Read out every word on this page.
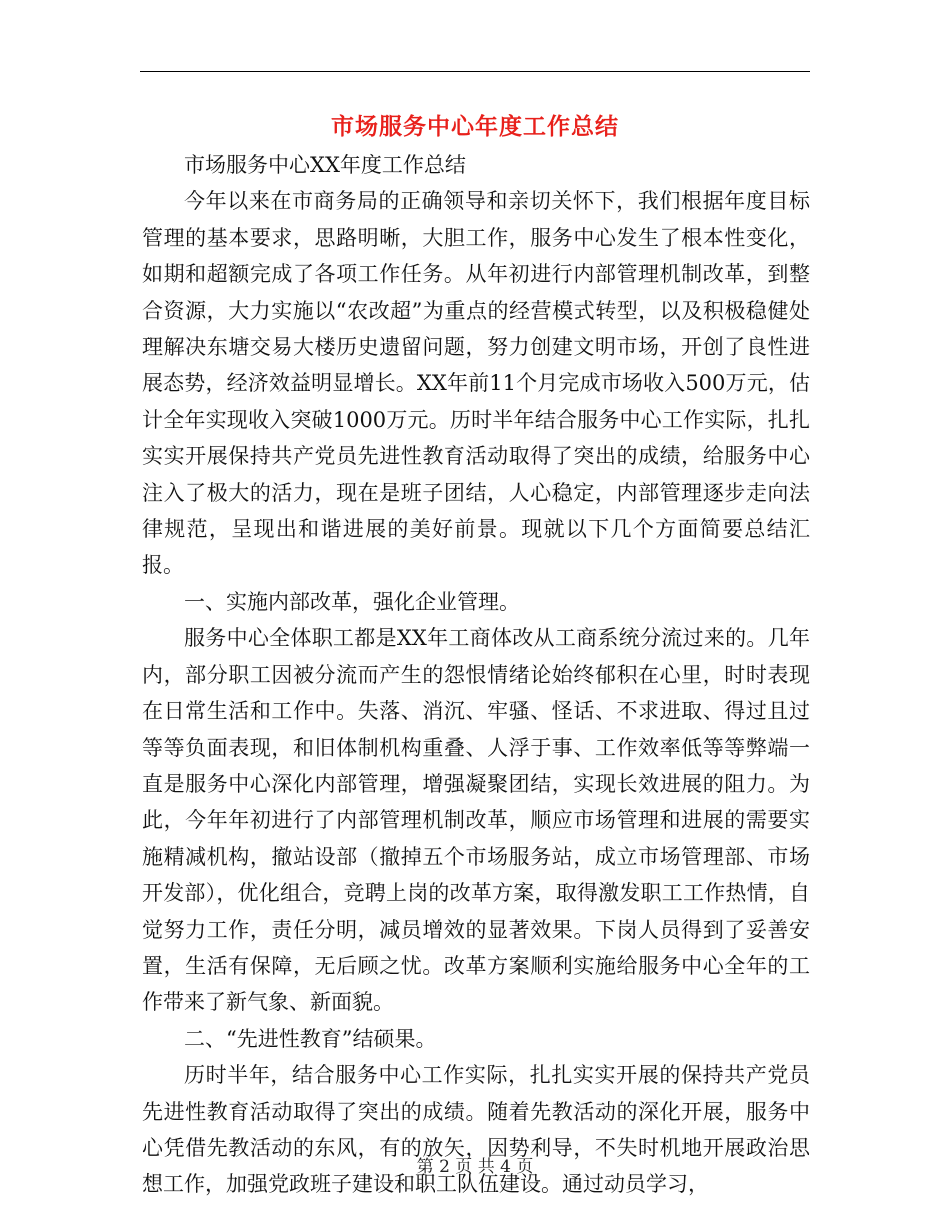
市场服务中心年度工作总结

市场服务中心XX年度工作总结

今年以来在市商务局的正确领导和亲切关怀下，我们根据年度目标管理的基本要求，思路明晰，大胆工作，服务中心发生了根本性变化，如期和超额完成了各项工作任务。从年初进行内部管理机制改革，到整合资源，大力实施以“农改超”为重点的经营模式转型，以及积极稳健处理解决东塘交易大楼历史遗留问题，努力创建文明市场，开创了良性进展态势，经济效益明显增长。XX年前11个月完成市场收入500万元，估计全年实现收入突破1000万元。历时半年结合服务中心工作实际，扎扎实实开展保持共产党员先进性教育活动取得了突出的成绩，给服务中心注入了极大的活力，现在是班子团结，人心稳定，内部管理逐步走向法律规范，呈现出和谐进展的美好前景。现就以下几个方面简要总结汇报。

一、实施内部改革，强化企业管理。

服务中心全体职工都是XX年工商体改从工商系统分流过来的。几年内，部分职工因被分流而产生的怨恨情绪论始终郁积在心里，时时表现在日常生活和工作中。失落、消沉、牢骚、怪话、不求进取、得过且过等等负面表现，和旧体制机构重叠、人浮于事、工作效率低等等弊端一直是服务中心深化内部管理，增强凝聚团结，实现长效进展的阻力。为此，今年年初进行了内部管理机制改革，顺应市场管理和进展的需要实施精减机构，撤站设部（撤掉五个市场服务站，成立市场管理部、市场开发部），优化组合，竞聘上岗的改革方案，取得激发职工工作热情，自觉努力工作，责任分明，减员增效的显著效果。下岗人员得到了妥善安置，生活有保障，无后顾之忧。改革方案顺利实施给服务中心全年的工作带来了新气象、新面貌。

二、“先进性教育”结硕果。

历时半年，结合服务中心工作实际，扎扎实实开展的保持共产党员先进性教育活动取得了突出的成绩。随着先教活动的深化开展，服务中心凭借先教活动的东风，有的放矢，因势利导，不失时机地开展政治思想工作，加强党政班子建设和职工队伍建设。通过动员学习，

第 2 页 共 4 页
